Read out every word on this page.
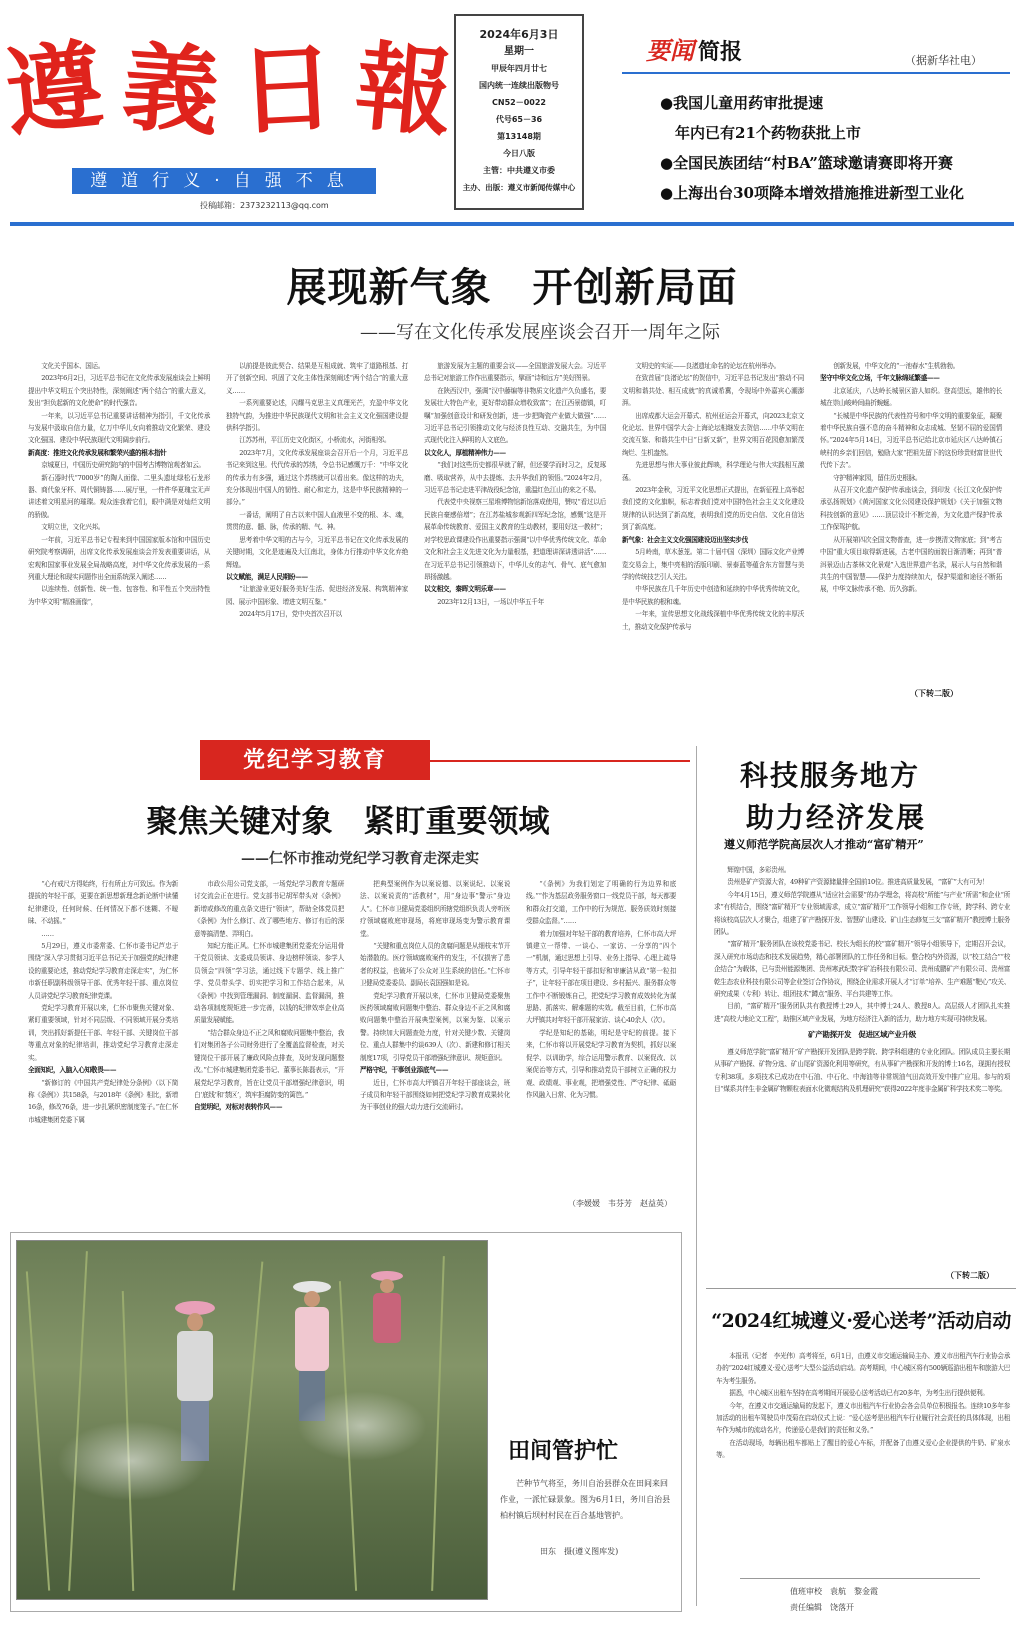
遵 義 日 報
遵道行义·自强不息
投稿邮箱：2373232113@qq.com
2024年6月3日
星期一
甲辰年四月廿七
国内统一连续出版物号
CN52－0022
代号65－36
第13148期
今日八版
主管：中共遵义市委
主办、出版：遵义市新闻传媒中心
要闻 简报	（据新华社电）
●我国儿童用药审批提速
　年内已有21个药物获批上市
●全国民族团结“村BA”篮球邀请赛即将开赛
●上海出台30项降本增效措施推进新型工业化
展现新气象　开创新局面
——写在文化传承发展座谈会召开一周年之际

文化关乎国本、国运。

2023年6月2日，习近平总书记在文化传承发展座谈会上鲜明提出中华文明五个突出特性，深刻阐述“两个结合”的重大意义，发出“担负起新的文化使命”的时代强音。

一年来，以习近平总书记重要讲话精神为指引，千文化传承与发展中汲取自信力量，亿万中华儿女向着推动文化繁荣、建设文化强国、建设中华民族现代文明阔步前行。

新高度：推进文化传承发展和繁荣兴盛的根本指针

京城夏日，中国历史研究院内的中国考古博物馆观者如云。

新石器时代“7000岁”的陶人面像、二里头遗址绿松石龙形器、商代象牙杯、周代铜铸器……展厅里，一件件华夏瑰宝无声讲述着文明星河的璀璨。观众连我着它们，眼中满是对灿烂文明的骄傲。

文明立世，文化兴邦。

一年前，习近平总书记专程来到中国国家版本馆和中国历史研究院考察调研，出席文化传承发展座谈会并发表重要讲话，从宏观和国家事业发展全局战略高度，对中华文化传承发展的一系列重大理论和现实问题作出全面系统深入阐述……

以连续性、创新性、统一性、包容性、和平性五个突出特性为中华文明“精准画像”，

以前提是彼此契合、结果是互相成就、筑牢了道路根基、打开了创新空间、巩固了文化主体性深刻阐述“两个结合”的重大意义……

一系列重要论述，闪耀马克思主义真理光芒，充盈中华文化独特气韵，为推进中华民族现代文明和社会主义文化强国建设提供科学指引。

江苏苏州，平江历史文化街区，小桥流水，河街相邻。

2023年7月，文化传承发展座谈会召开后一个月，习近平总书记来到这里。代代传承的苏绣，令总书记感慨万千：“中华文化的传承力有多强，通过这个苏绣就可以看出来。像这样的功夫，充分体现出中国人的韧性、耐心和定力，这是中华民族精神的一部分。”

一番话，阐明了自古以来中国人血液里不变的根、本、魂，贯贯的意、髓、脉，传承的精、气、神。

思考着中华文明的古与今，习近平总书记在文化传承发展的关键时期，文化是迹遍及大江南北，身体力行推动中华文化弃绝辉煌。

以文赋能，满足人民期盼——

“让旅游业更好服务美好生活、促进经济发展、构筑精神家园、展示中国形象、增进文明互鉴。”

2024年5月17日，党中央首次召开以

旅游发展为主题的重要会议——全国旅游发展大会。习近平总书记对旅游工作作出重要指示，擘画“诗和远方”美好图景。

在陕西汉中，强调“汉中藤编等非物质文化遗产久负盛名，要发展壮大特色产业，更好带动群众增收致富”；在江西景德镇，叮嘱“加强创意设计和研发创新，进一步把陶瓷产业做大做强”……习近平总书记引领推动文化与经济良性互动、交融共生，为中国式现代化注入鲜明的人文底色。

以文化人，厚植精神伟力——

“我们对这些历史都很早就了解，但还要学而时习之，反复琢磨、吸取营养，从中去提炼、去升华我们的领悟。”2024年2月，习近平总书记走进平津战役纪念馆，重温红色江山的来之不易。

代表党中央视察三星堆博物馆新馆落成使用，赞叹“看过以后民族自豪感倍增”；在江苏盐城参观新四军纪念馆，感慨“这是开展革命传统教育、爱国主义教育的生动教材，要用好这一教材”；对学校思政课建设作出重要指示强调“以中华优秀传统文化、革命文化和社会主义先进文化为力量根基，把道理讲深讲透讲活”……在习近平总书记引领推动下，中华儿女的志气、骨气、底气愈加昂扬激越。

以文相交，秦晖文明乐章——

2023年12月13日，一场以中华五千年

文明史的实证——良渚遗址命名的论坛在杭州举办。

在致首届“良渚论坛”的贺信中，习近平总书记发出“推动不同文明和谐共处、相互成就”的真诚希冀，令现场中外嘉宾心潮澎湃。

出席成都大运会开幕式、杭州亚运会开幕式，向2023北京文化论坛、世界中国学大会·上海论坛相继发去贺信……中华文明在交流互鉴、和谐共生中日“日新又新”，世界文明百花园愈加繁茂绚烂、生机盎然。

先进思想与伟大事业彼此辉映，科学理论与伟大实践相互激荡。

2023年金秋，习近平文化思想正式提出，在新征程上高举起我们党的文化旗帜，标志着我们党对中国特色社会主义文化建设规律的认识达到了新高度，表明我们党的历史自信、文化自信达到了新高度。

新气象：社会主义文化强国建设迈出坚实步伐

5月岭南，草木葱茏。第二十届中国（深圳）国际文化产业博览交易会上，集中亮相的活版印刷、景泰蓝等蕴含东方智慧与美学的传统技艺引人关注。

中华民族在几千年历史中创造和延续的中华优秀传统文化，是中华民族的根和魂。

一年来，宣传思想文化战线深植中华优秀传统文化的丰厚沃土，推动文化保护传承与

创新发展，中华文化的“一池春水”生机勃勃。

坚守中华文化立场，千年文脉绵延繁盛——

北京延庆，八达岭长城景区游人如织。登高望远，雄伟的长城在崇山峻岭间曲折蜿蜒。

“长城是中华民族的代表性符号和中华文明的重要象征，凝聚着中华民族自强不息的奋斗精神和众志成城、坚韧不屈的爱国情怀。”2024年5月14日，习近平总书记给北京市延庆区八达岭镇石峡村的乡亲们回信，勉励大家“把祖先留下的这份珍贵财富世世代代传下去”。

守护精神家园，留住历史根脉。

从召开文化遗产保护传承座谈会，到印发《长江文化保护传承弘扬规划》《黄河国家文化公园建设保护规划》《关于加强文物科技创新的意见》……顶层设计不断完善，为文化遗产保护传承工作保驾护航。

从开展第四次全国文物普查，进一步摸清文物家底；到“考古中国”重大项目取得新进展，古老中国的面貌日渐清晰；再到“普洱景迈山古茶林文化景观”入选世界遗产名录，展示人与自然和谐共生的中国智慧——保护力度持续加大，保护渠道和途径不断拓展，中华文脉传承不绝、历久弥新。

（下转二版）
党纪学习教育
聚焦关键对象　紧盯重要领域
——仁怀市推动党纪学习教育走深走实

“心有戒尺方得始终，行有所止方可致远。作为新提拔的年轻干部，更要在新思想新理念新论断中读懂纪律建设，任何时候、任何情况下都不迷糊、不暧昧、不动摇。”

……

5月29日，遵义市委常委、仁怀市委书记芦忠于围绕“深入学习贯彻习近平总书记关于加强党的纪律建设的重要论述，推动党纪学习教育走深走实”，为仁怀市新任职副科级领导干部、优秀年轻干部、重点岗位人员讲党纪学习教育纪律党课。

党纪学习教育开展以来，仁怀市聚焦关键对象、紧盯重要领域，针对不同层级、不同领域开展分类培训，突出抓好新提任干部、年轻干部、关键岗位干部等重点对象的纪律培训，推动党纪学习教育走深走实。

全面知纪，入脑入心知敬畏——

“新修订的《中国共产党纪律处分条例》（以下简称《条例》）共158条，与2018年《条例》相比，新增16条，修改76条，进一步扎紧织密制度笼子。”在仁怀市城建集团党委下属

市政公用公司党支部，一场党纪学习教育专题研讨交流会正在进行。党支部书记胡军带头对《条例》新增或修改的重点条文进行“领读”，帮助全体党员把《条例》为什么修订、改了哪些地方、修订有后的深意等搞清楚、弄明白。

知纪方能正风。仁怀市城建集团党委充分运用骨干党员领读、支委成员领讲、身边榜样领谈、参学人员领会“四领”学习法，通过线下专题学、线上推广学、党员带头学、切实把学习和工作结合起来，从《条例》中找到管理漏洞、制度漏洞、监督漏洞，推动各项制度规矩进一步完善，以钱的纪律效率企业高质量发展赋能。

“结合群众身边不正之风和腐败问题集中整治，我们对集团各子公司财务进行了全覆盖监督检查，对关键岗位干部开展了廉政风险点排查，及时发现问题整改。”仁怀市城建集团党委书记、董事长陈磊表示，“开展党纪学习教育，旨在让党员干部增强纪律意识，明白‘底线’和‘禁区’，筑牢拒腐防变的篱笆。”

自觉明纪，对标对表转作风——

把典型案例作为以案说德、以案说纪、以案说法、以案说责的“活教材”，用“身边事”警示“身边人”。仁怀市卫健局党委组织所辖党组织负责人旁听医疗领域腐败庭审现场，将庭审现场变为警示教育课堂。

“关键和重点岗位人员的贪腐问题是从细枝末节开始潜散的。医疗领域腐败案件的发生，不仅损害了患者的权益，也破坏了公众对卫生系统的信任。”仁怀市卫健局党委委员、副局长袁国强如是说。

党纪学习教育开展以来，仁怀市卫健局党委聚焦医药领域腐败问题集中整治、群众身边不正之风和腐败问题集中整治开展典型案例，以案为鉴、以案示警。持续加大问题查处力度，针对关键少数、关键岗位、重点人群集中约谈639人（次）、新建和修订相关制度17项，引导党员干部增强纪律意识、规矩意识。

严格守纪，干事创业添底气——

近日，仁怀市高大坪镇召开年轻干部座谈会，班子成员和年轻干部围绕如何把党纪学习教育成果转化为干事创业的强大动力进行交流研讨。

“《条例》为我们划定了明确的行为边界和底线。”“作为基层政务服务窗口一线党员干部，每天都要和群众打交道，工作中的行为规范、服务质效时刻接受群众监督。”……

着力加强对年轻干部的教育培养，仁怀市高大坪镇建立一帮带、一谈心、一家访、一分享的“四个一”机制，通过思想上引导、业务上指导、心理上疏导等方式，引导年轻干部扣好和审廉洁从政“第一粒扣子”，让年轻干部在项目建设、乡村振兴、服务群众等工作中不断锻炼自己，把党纪学习教育成效转化为谋思路、抓落实、解难题的实效。截至目前，仁怀市高大坪镇共对年轻干部开展家访、谈心40余人（次）。

学纪是知纪的基础，明纪是守纪的前提。接下来，仁怀市将以开展党纪学习教育为契机，抓好以案促学、以训助学，综合运用警示教育、以案促改、以案促治等方式，引导和推动党员干部树立正确的权力观、政绩观、事业观，把增强党性、严守纪律、砥砺作风融入日常、化为习惯。

（李媛媛　韦芬芳　赵益英）
科技服务地方
助力经济发展
遵义师范学院高层次人才推动“富矿精开”

辉煌中国，多彩贵州。

贵州是矿产资源大省，49种矿产资源储量排全国前10位。推进高质量发展，“富矿”大有可为！

今年4月15日，遵义师范学院遵从“适应社会需要”的办学理念，将高校“所能”与产业“所需”和企业“所求”有机结合，围绕“富矿精开”专业领域需求，成立“富矿精开”工作领导小组和工作专班，跨学科、跨专业将该校高层次人才聚合，组建了矿产勘探开发、智慧矿山建设、矿山生态修复三支“富矿精开”教授博士服务团队。

“富矿精开”服务团队在该校党委书记、校长为组长的校“富矿精开”领导小组领导下，定期召开会议，深入研究市场动态和技术发展趋势，精心部署团队的工作任务和目标。整合校内外资源，以“校工结合”“校企结合”为载体，已与贵州能源集团、贵州寒武纪数字矿冶科技有限公司、贵州成鹏矿产有限公司、贵州富乾生态农业科技有限公司等企业签订合作协议，围绕企业需求开展人才“订单”培养、生产难题“靶心”攻关、研究成果（专利）转让、组团技术“蹲点”服务、平台共建等工作。

目前，“富矿精开”服务团队共有教授博士29人，其中博士24人、教授8人。高层级人才团队扎实推进“高校大地论文工程”，助推区域产业发展，为地方经济注入新的活力，助力地方实现可持续发展。

矿产勘探开发　促进区域产业升级

遵义师范学院“富矿精开”矿产勘探开发团队是跨学院、跨学科组建的专业化团队。团队成员主要长期从事矿产勘探、矿物分选、矿山尾矿资源化利用等研究，有从事矿产勘探和开发的博士16名，现拥有授权专利38项。多项技术已成功在中石油、中石化、中海油等非常规油气田高效开发中推广应用。参与的项目“煤系共伴生非金属矿物颗粒表面水化微观结构及机理研究”获得2022年度非金属矿科学技术奖二等奖。

（下转二版）
田间管护忙
芒种节气将至，务川自治县群众在田间来回作业，一派忙碌景象。图为6月1日，务川自治县柏村镇后坝村村民在百合基地管护。
田东　摄(遵义图库发)
“2024红城遵义·爱心送考”活动启动

本报讯（记者　李光伟）高考将至，6月1日，由遵义市交通运输局主办、遵义市出租汽车行业协会承办的“2024红城遵义·爱心送考”大型公益活动启动。高考期间，中心城区将有500辆巡游出租车和旅游大巴车为考生服务。

据悉，中心城区出租车坚持在高考期间开展爱心送考活动已有20多年，为考生出行提供便利。

今年，在遵义市交通运输局的发起下，遵义市出租汽车行业协会各会员单位积极报名。连续10多年参加活动的出租车驾驶员申茂菊在启动仪式上说：“爱心送考是出租汽车行业履行社会责任的具体体现，出租车作为城市的流动名片，传递爱心是我们的责任和义务。”

在活动现场，每辆出租车都贴上了醒目的爱心车标，并配备了由遵义爱心企业提供的牛奶、矿泉水等。

值班审校　袁航　黎金霞
责任编辑　饶落开
